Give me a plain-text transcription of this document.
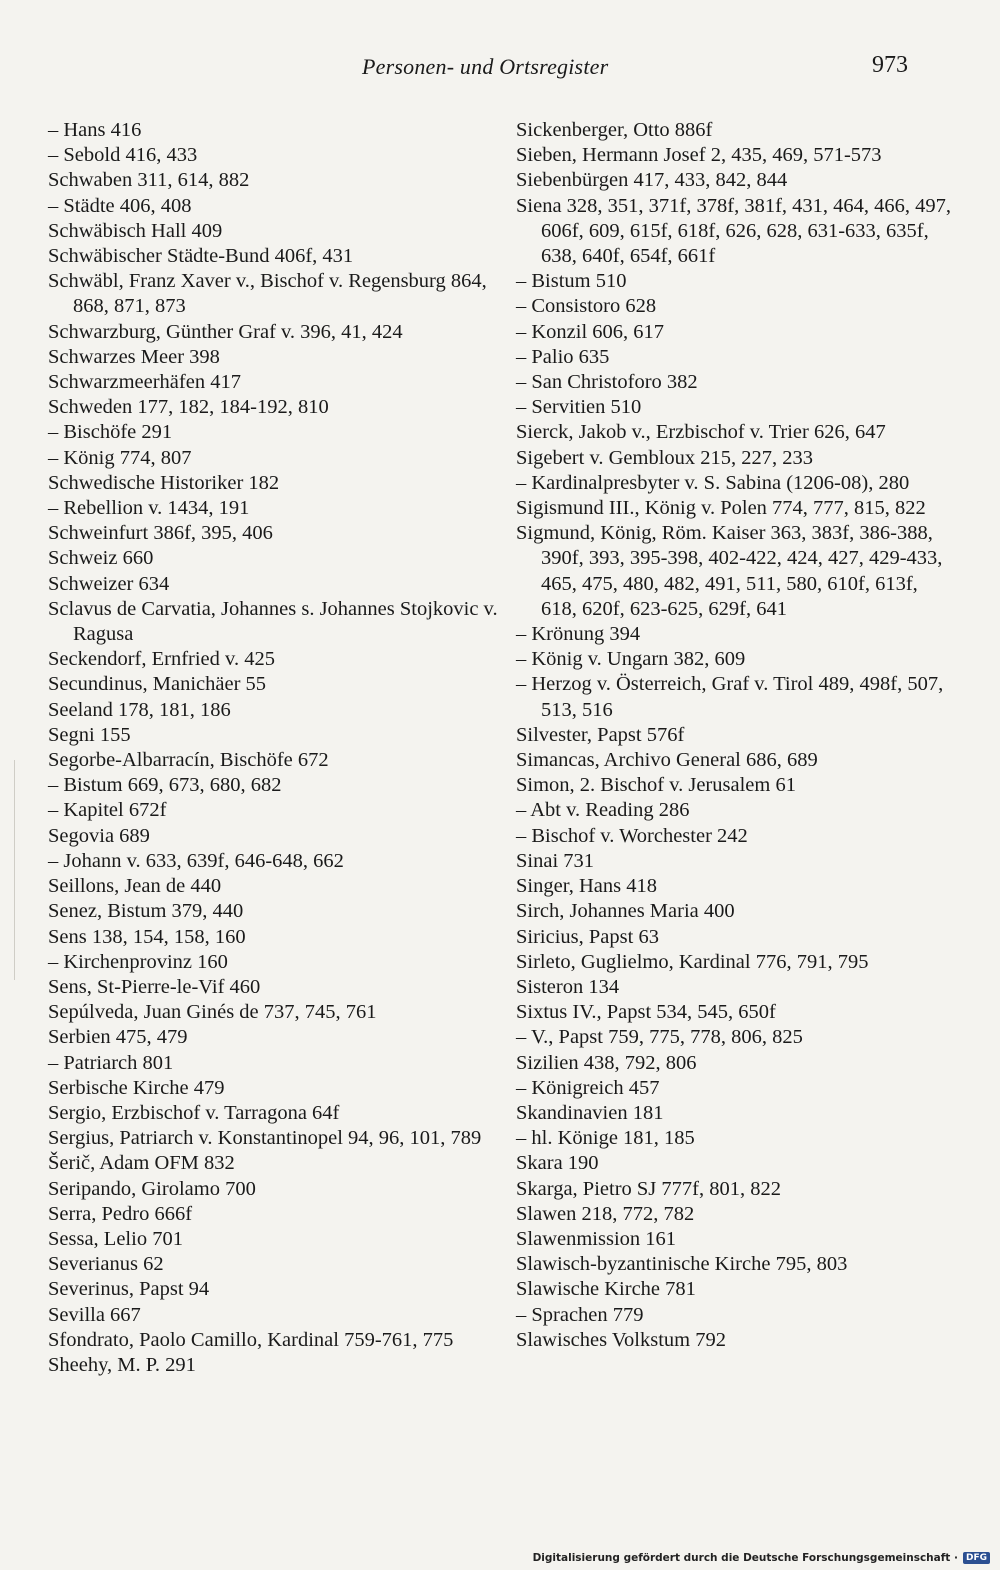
Personen- und Ortsregister	973
– Hans 416
– Sebold 416, 433
Schwaben 311, 614, 882
– Städte 406, 408
Schwäbisch Hall 409
Schwäbischer Städte-Bund 406f, 431
Schwäbl, Franz Xaver v., Bischof v. Regensburg 864, 868, 871, 873
Schwarzburg, Günther Graf v. 396, 41, 424
Schwarzes Meer 398
Schwarzmeerhäfen 417
Schweden 177, 182, 184-192, 810
– Bischöfe 291
– König 774, 807
Schwedische Historiker 182
– Rebellion v. 1434, 191
Schweinfurt 386f, 395, 406
Schweiz 660
Schweizer 634
Sclavus de Carvatia, Johannes s. Johannes Stojkovic v. Ragusa
Seckendorf, Ernfried v. 425
Secundinus, Manichäer 55
Seeland 178, 181, 186
Segni 155
Segorbe-Albarracín, Bischöfe 672
– Bistum 669, 673, 680, 682
– Kapitel 672f
Segovia 689
– Johann v. 633, 639f, 646-648, 662
Seillons, Jean de 440
Senez, Bistum 379, 440
Sens 138, 154, 158, 160
– Kirchenprovinz 160
Sens, St-Pierre-le-Vif 460
Sepúlveda, Juan Ginés de 737, 745, 761
Serbien 475, 479
– Patriarch 801
Serbische Kirche 479
Sergio, Erzbischof v. Tarragona 64f
Sergius, Patriarch v. Konstantinopel 94, 96, 101, 789
Šerič, Adam OFM 832
Seripando, Girolamo 700
Serra, Pedro 666f
Sessa, Lelio 701
Severianus 62
Severinus, Papst 94
Sevilla 667
Sfondrato, Paolo Camillo, Kardinal 759-761, 775
Sheehy, M. P. 291
Sickenberger, Otto 886f
Sieben, Hermann Josef 2, 435, 469, 571-573
Siebenbürgen 417, 433, 842, 844
Siena 328, 351, 371f, 378f, 381f, 431, 464, 466, 497, 606f, 609, 615f, 618f, 626, 628, 631-633, 635f, 638, 640f, 654f, 661f
– Bistum 510
– Consistoro 628
– Konzil 606, 617
– Palio 635
– San Christoforo 382
– Servitien 510
Sierck, Jakob v., Erzbischof v. Trier 626, 647
Sigebert v. Gembloux 215, 227, 233
– Kardinalpresbyter v. S. Sabina (1206-08), 280
Sigismund III., König v. Polen 774, 777, 815, 822
Sigmund, König, Röm. Kaiser 363, 383f, 386-388, 390f, 393, 395-398, 402-422, 424, 427, 429-433, 465, 475, 480, 482, 491, 511, 580, 610f, 613f, 618, 620f, 623-625, 629f, 641
– Krönung 394
– König v. Ungarn 382, 609
– Herzog v. Österreich, Graf v. Tirol 489, 498f, 507, 513, 516
Silvester, Papst 576f
Simancas, Archivo General 686, 689
Simon, 2. Bischof v. Jerusalem 61
– Abt v. Reading 286
– Bischof v. Worchester 242
Sinai 731
Singer, Hans 418
Sirch, Johannes Maria 400
Siricius, Papst 63
Sirleto, Guglielmo, Kardinal 776, 791, 795
Sisteron 134
Sixtus IV., Papst 534, 545, 650f
– V., Papst 759, 775, 778, 806, 825
Sizilien 438, 792, 806
– Königreich 457
Skandinavien 181
– hl. Könige 181, 185
Skara 190
Skarga, Pietro SJ 777f, 801, 822
Slawen 218, 772, 782
Slawenmission 161
Slawisch-byzantinische Kirche 795, 803
Slawische Kirche 781
– Sprachen 779
Slawisches Volkstum 792
Digitalisierung gefördert durch die Deutsche Forschungsgemeinschaft · DFG
